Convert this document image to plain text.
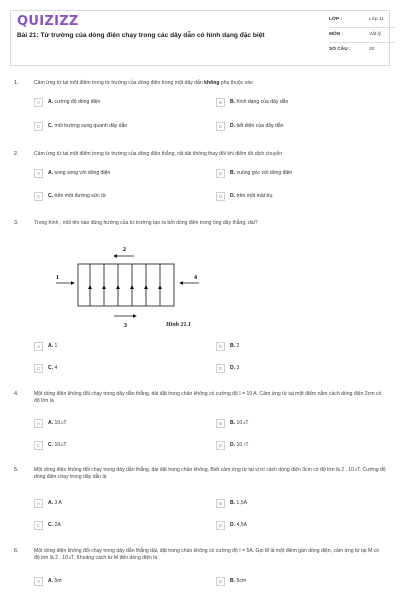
QUIZIZZ
Bài 21: Từ trường của dòng điện chạy trong các dây dẫn có hình dạng đặc biệt
LỚP :	Lớp 11
MÔN :	Vật lý
SỐ CÂU :	20
1.	Cảm ứng từ tại một điểm trong từ trường của dòng điện trong một dây dẫn không phụ thuộc vào
A	A. cường độ dòng điện	B	B. hình dạng của dây dẫn
C	C. môi trường xung quanh dây dẫn	D	D. tiết diện của dây dẫn
2.	Cảm ứng từ tại một điểm trong từ trường của dòng điện thẳng, rất dài không thay đổi khi điểm đó dịch chuyển
A	A. song song với dòng điện	B	B. vuông góc với dòng điện
C	C. trên một đường sức từ	D	D. trên một mặt trụ
3.	Trong hình , mũi tên nào đúng hướng của từ trường tạo ra bởi dòng điện trong ống dây thẳng, dài?
1
2
3
4
Hình 21.1
A	A. 1	B	B. 2
C	C. 4	D	D. 3
4.	Một dòng điện không đổi chạy trong dây dẫn thẳng, dài đặt trong chân không có cường độ I = 10 A. Cảm ứng từ tại một điểm nằm cách dòng điện 2cm có độ lớn là
A	A. $10^{-5}T$	B	B. $10^{-4}T$
C	C. $10^{-6}T$	D	D. $10^{-7}T$
5.	Một dòng điện không đổi chạy trong dây dẫn thẳng, dài đặt trong chân không. Biết cảm ứng từ tại vị trí cách dòng điện 3cm có độ lớn là 2 . $10^{-5}T$. Cường độ dòng điện chạy trong dây dẫn là
A	A. 3 A	B	B. 1,5A
C	C. 2A	D	D. 4,5A
6.	Một dòng điện không đổi chạy trong dây dẫn thẳng dài, đặt trong chân không có cường độ I = 5A. Gọi M là một điểm gần dòng điện, cảm ứng từ tại M có độ lớn là 2 . $10^{-5}T$. Khoảng cách từ M đến dòng điện là
A	A. 5m	B	B. 5cm
